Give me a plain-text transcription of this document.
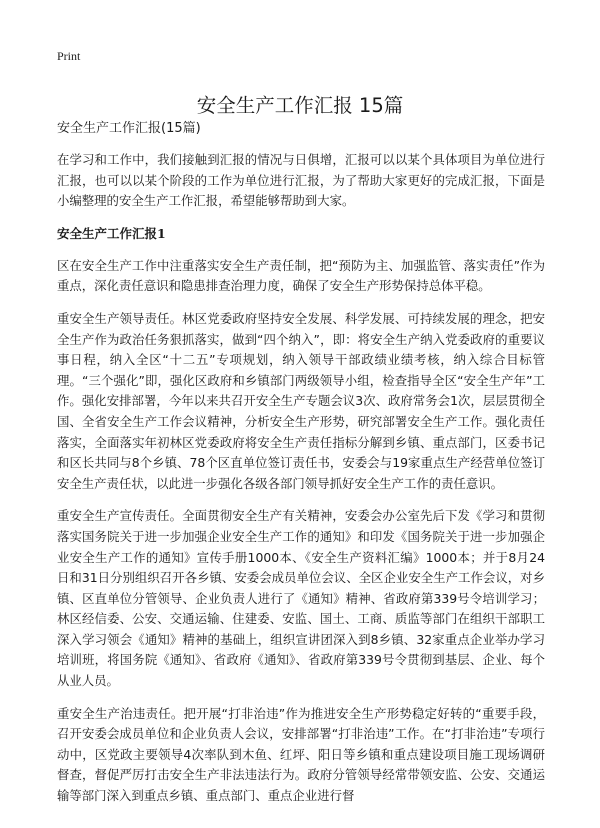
Print
安全生产工作汇报 15篇
安全生产工作汇报(15篇)

在学习和工作中，我们接触到汇报的情况与日俱增，汇报可以以某个具体项目为单位进行汇报，也可以以某个阶段的工作为单位进行汇报，为了帮助大家更好的完成汇报，下面是小编整理的安全生产工作汇报，希望能够帮助到大家。

安全生产工作汇报1

区在安全生产工作中注重落实安全生产责任制，把“预防为主、加强监管、落实责任”作为重点，深化责任意识和隐患排查治理力度，确保了安全生产形势保持总体平稳。

重安全生产领导责任。林区党委政府坚持安全发展、科学发展、可持续发展的理念，把安全生产作为政治任务狠抓落实，做到“四个纳入”，即：将安全生产纳入党委政府的重要议事日程，纳入全区“十二五”专项规划，纳入领导干部政绩业绩考核，纳入综合目标管理。“三个强化”即，强化区政府和乡镇部门两级领导小组，检查指导全区“安全生产年”工作。强化安排部署，今年以来共召开安全生产专题会议3次、政府常务会1次，层层贯彻全国、全省安全生产工作会议精神，分析安全生产形势，研究部署安全生产工作。强化责任落实，全面落实年初林区党委政府将安全生产责任指标分解到乡镇、重点部门，区委书记和区长共同与8个乡镇、78个区直单位签订责任书，安委会与19家重点生产经营单位签订安全生产责任状，以此进一步强化各级各部门领导抓好安全生产工作的责任意识。

重安全生产宣传责任。全面贯彻安全生产有关精神，安委会办公室先后下发《学习和贯彻落实国务院关于进一步加强企业安全生产工作的通知》和印发《国务院关于进一步加强企业安全生产工作的通知》宣传手册1000本、《安全生产资料汇编》1000本；并于8月24日和31日分别组织召开各乡镇、安委会成员单位会议、全区企业安全生产工作会议，对乡镇、区直单位分管领导、企业负责人进行了《通知》精神、省政府第339号令培训学习；林区经信委、公安、交通运输、住建委、安监、国土、工商、质监等部门在组织干部职工深入学习领会《通知》精神的基础上，组织宣讲团深入到8乡镇、32家重点企业举办学习培训班，将国务院《通知》、省政府《通知》、省政府第339号令贯彻到基层、企业、每个从业人员。

重安全生产治违责任。把开展“打非治违”作为推进安全生产形势稳定好转的“重要手段，召开安委会成员单位和企业负责人会议，安排部署“打非治违”工作。在“打非治违”专项行动中，区党政主要领导4次率队到木鱼、红坪、阳日等乡镇和重点建设项目施工现场调研督查，督促严厉打击安全生产非法违法行为。政府分管领导经常带领安监、公安、交通运输等部门深入到重点乡镇、重点部门、重点企业进行督
